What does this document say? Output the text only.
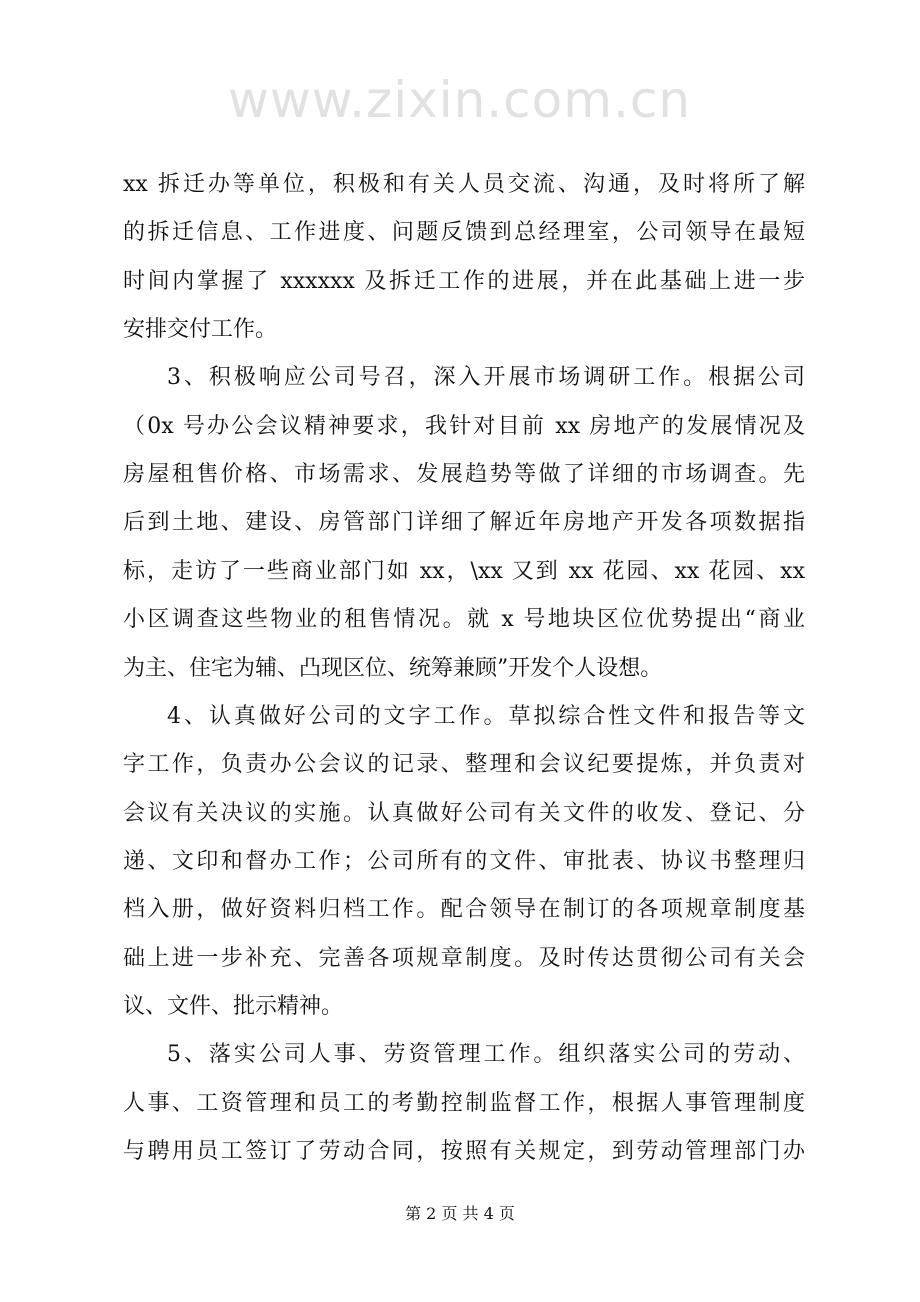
xx 拆迁办等单位，积极和有关人员交流、沟通，及时将所了解
的拆迁信息、工作进度、问题反馈到总经理室，公司领导在最短
时间内掌握了 xxxxxx 及拆迁工作的进展，并在此基础上进一步
安排交付工作。
3、积极响应公司号召，深入开展市场调研工作。根据公司
（0x 号办公会议精神要求，我针对目前 xx 房地产的发展情况及
房屋租售价格、市场需求、发展趋势等做了详细的市场调查。先
后到土地、建设、房管部门详细了解近年房地产开发各项数据指
标，走访了一些商业部门如 xx，\xx 又到 xx 花园、xx 花园、xx
小区调查这些物业的租售情况。就 x 号地块区位优势提出“商业
为主、住宅为辅、凸现区位、统筹兼顾”开发个人设想。
4、认真做好公司的文字工作。草拟综合性文件和报告等文
字工作，负责办公会议的记录、整理和会议纪要提炼，并负责对
会议有关决议的实施。认真做好公司有关文件的收发、登记、分
递、文印和督办工作；公司所有的文件、审批表、协议书整理归
档入册，做好资料归档工作。配合领导在制订的各项规章制度基
础上进一步补充、完善各项规章制度。及时传达贯彻公司有关会
议、文件、批示精神。
5、落实公司人事、劳资管理工作。组织落实公司的劳动、
人事、工资管理和员工的考勤控制监督工作，根据人事管理制度
与聘用员工签订了劳动合同，按照有关规定，到劳动管理部门办
www.zixin.com.cn
第 2 页 共 4 页
